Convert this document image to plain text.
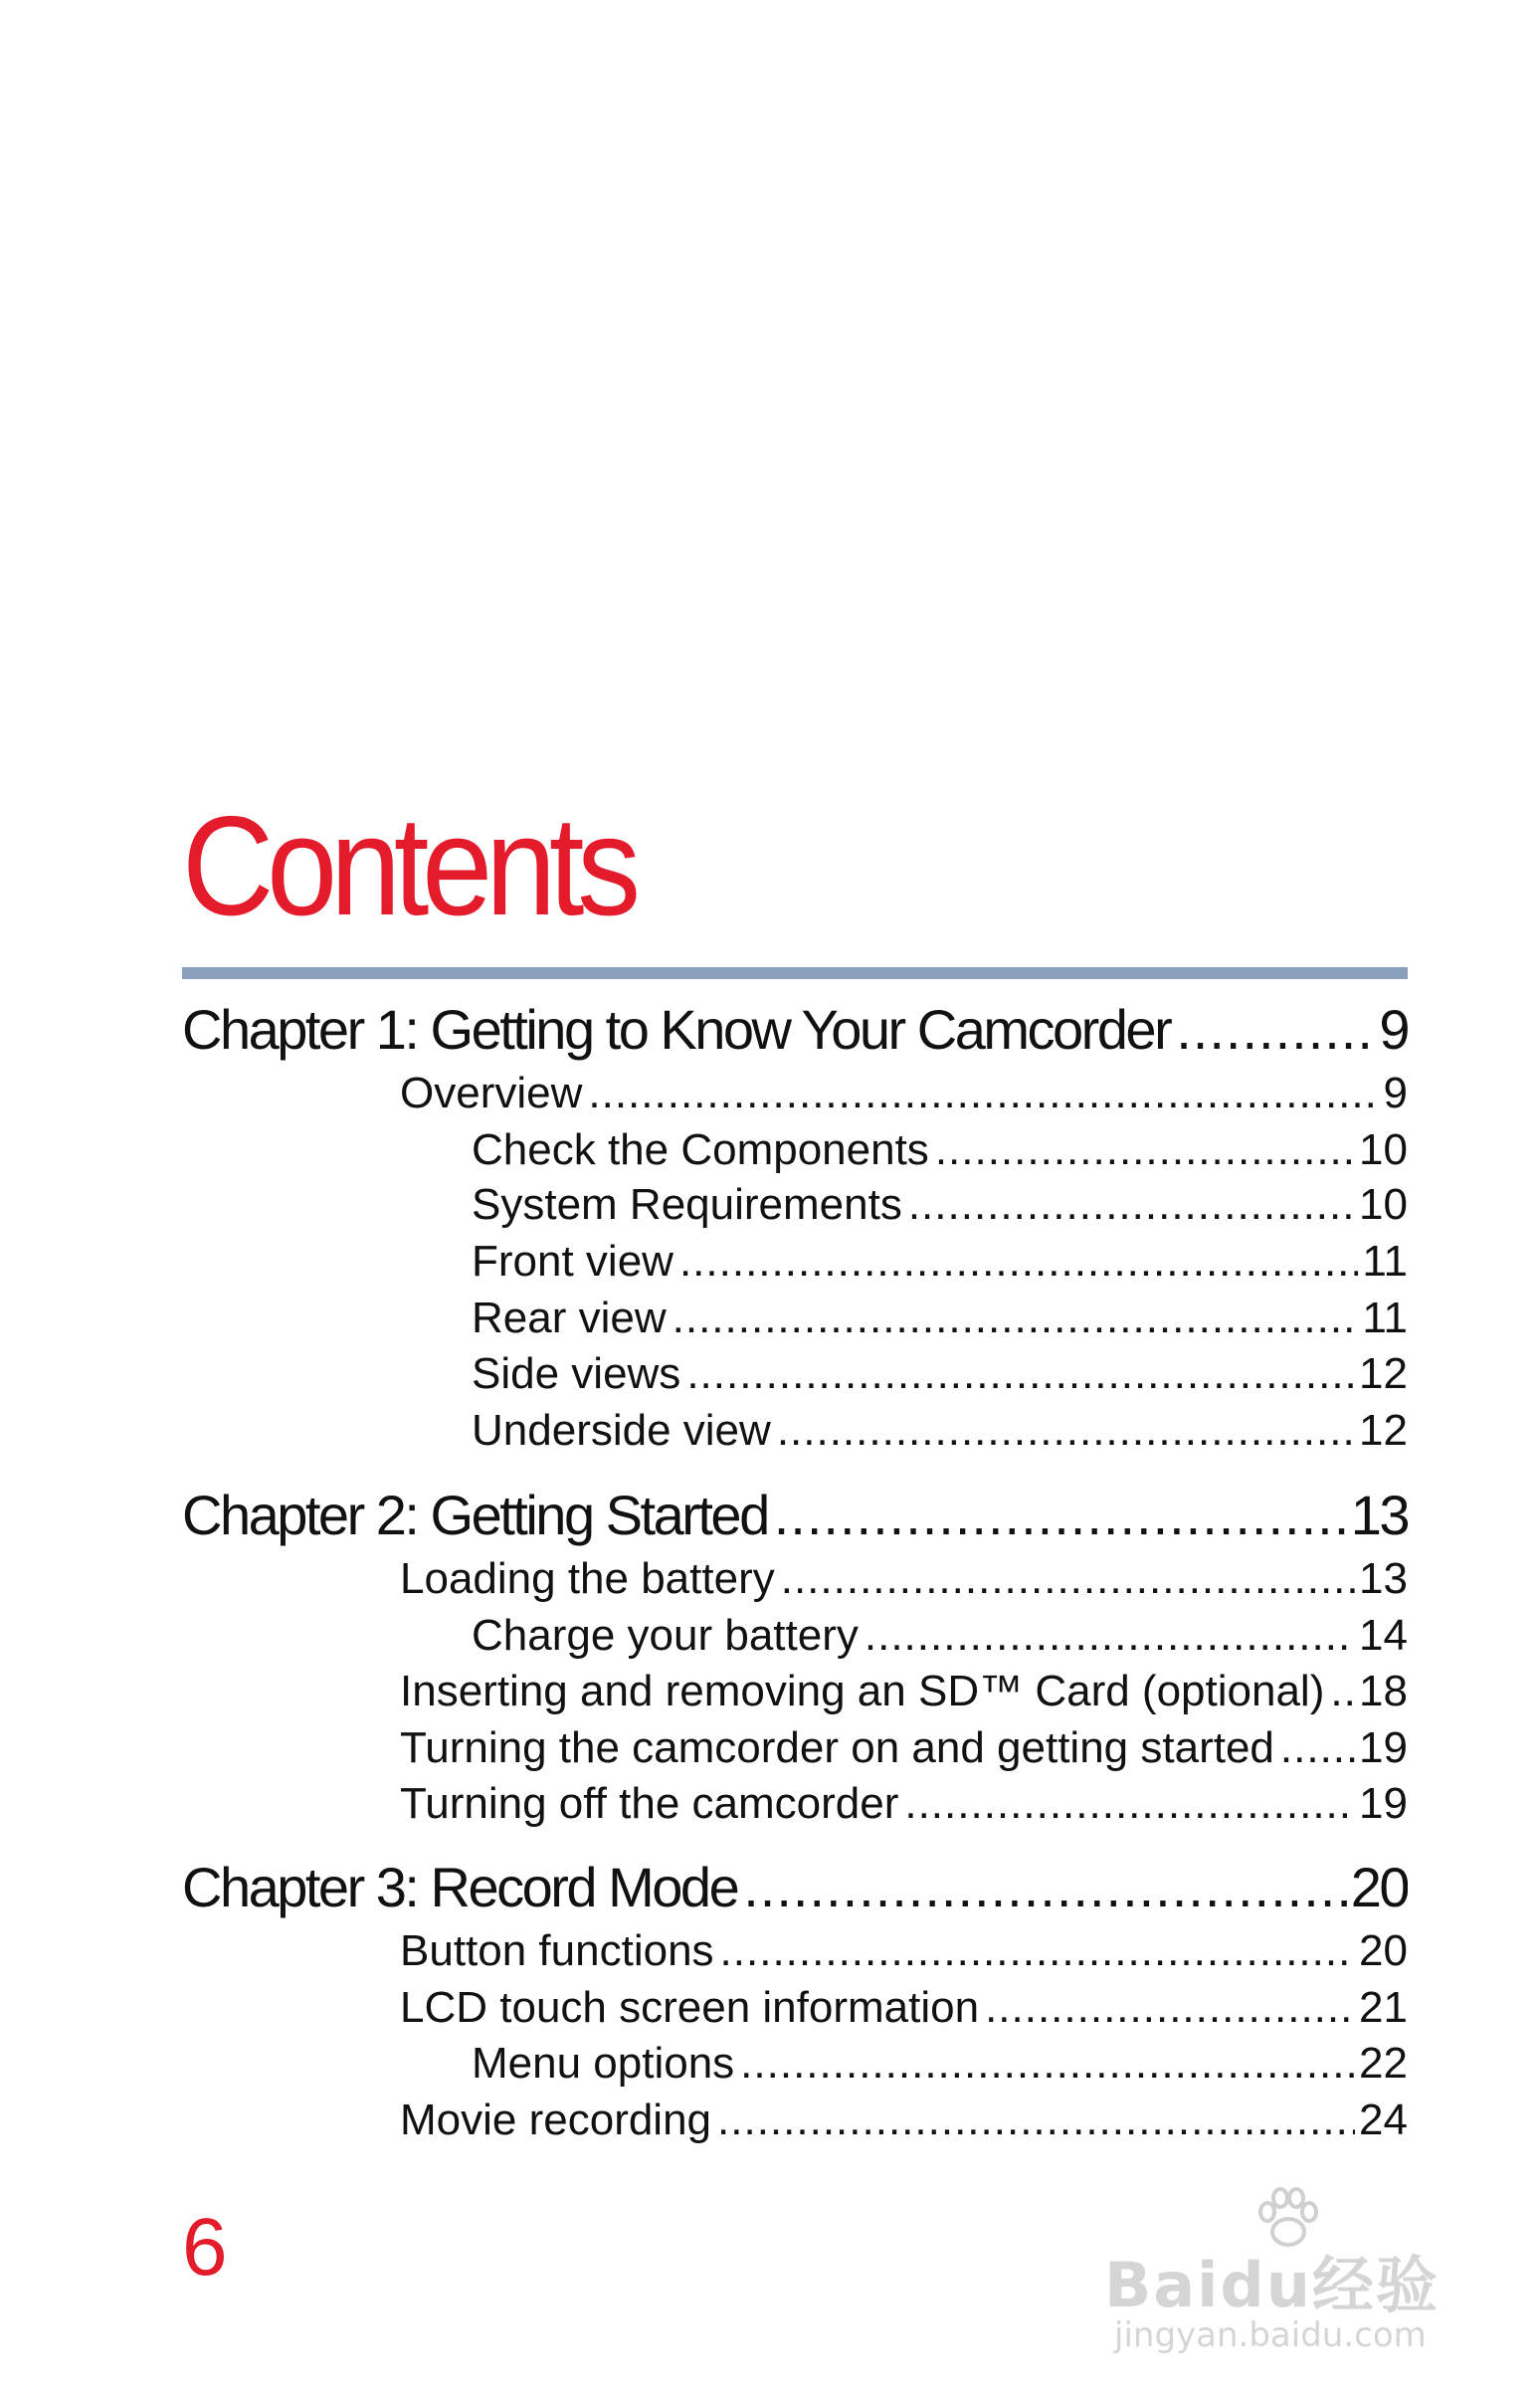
Contents
Chapter 1: Getting to Know Your Camcorder .....	9
Overview .....	9
Check the Components .....	10
System Requirements .....	10
Front view .....	11
Rear view .....	11
Side views .....	12
Underside view .....	12
Chapter 2: Getting Started .....	13
Loading the battery .....	13
Charge your battery .....	14
Inserting and removing an SD™ Card (optional) ..... 18
Turning the camcorder on and getting started ..... 19
Turning off the camcorder .....	19
Chapter 3: Record Mode .....	20
Button functions .....	20
LCD touch screen information .....	21
Menu options .....	22
Movie recording .....	24
6	Baidu经验
jingyan.baidu.com
